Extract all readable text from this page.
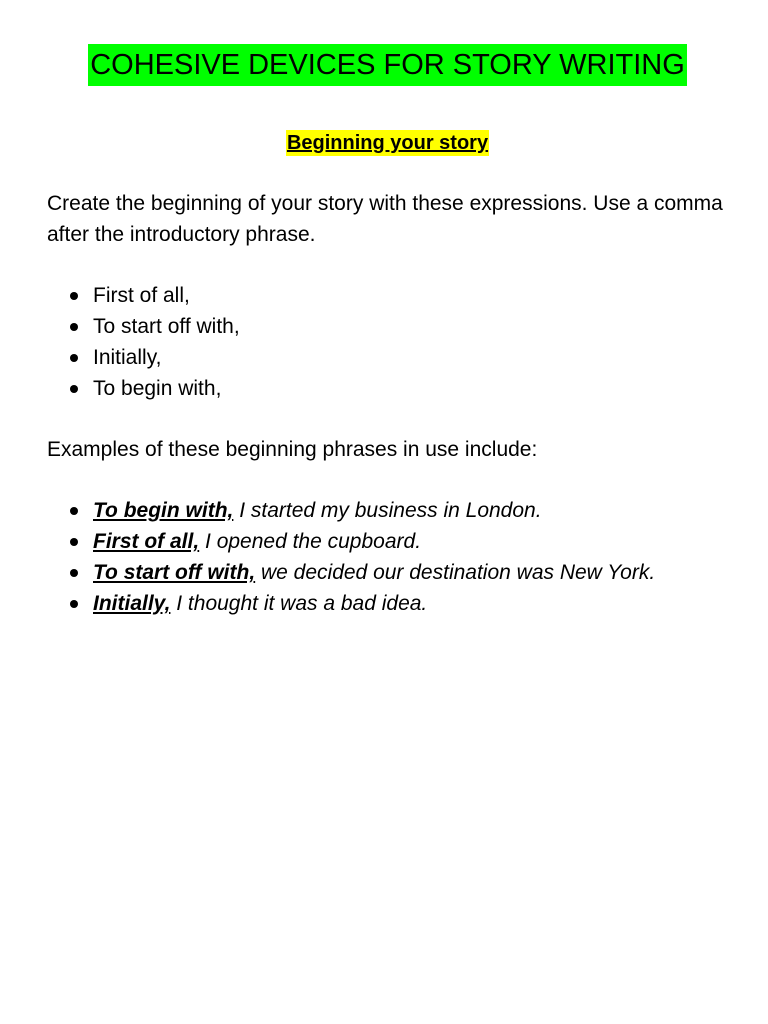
COHESIVE DEVICES FOR STORY WRITING
Beginning your story

Create the beginning of your story with these expressions. Use a comma after the introductory phrase.

First of all,
To start off with,
Initially,
To begin with,

Examples of these beginning phrases in use include:

To begin with, I started my business in London.
First of all, I opened the cupboard.
To start off with, we decided our destination was New York.
Initially, I thought it was a bad idea.
